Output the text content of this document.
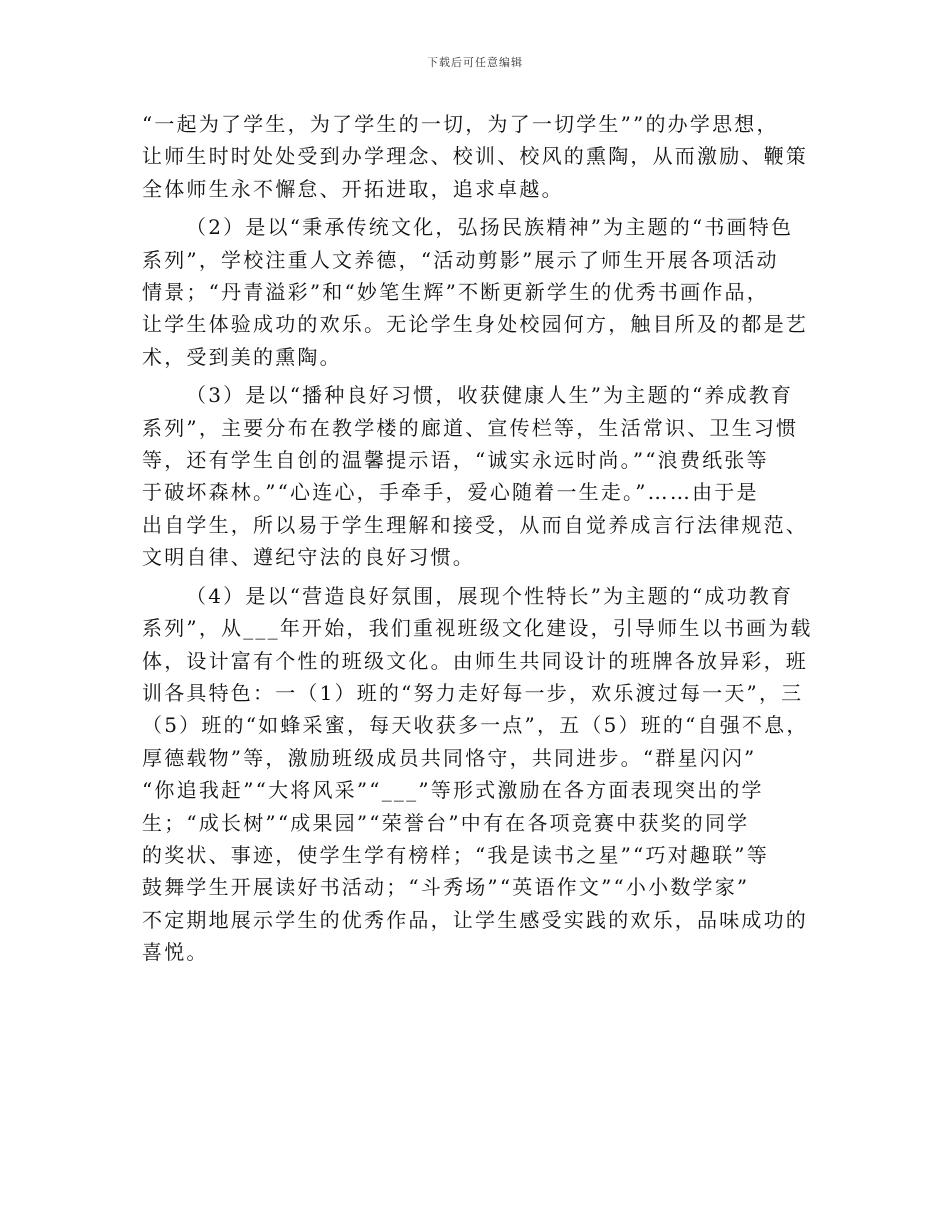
下载后可任意编辑

“一起为了学生，为了学生的一切，为了一切学生””的办学思想，
让师生时时处处受到办学理念、校训、校风的熏陶，从而激励、鞭策
全体师生永不懈怠、开拓进取，追求卓越。

（2）是以“秉承传统文化，弘扬民族精神”为主题的“书画特色
系列”，学校注重人文养德，“活动剪影”展示了师生开展各项活动
情景；“丹青溢彩”和“妙笔生辉”不断更新学生的优秀书画作品，
让学生体验成功的欢乐。无论学生身处校园何方，触目所及的都是艺
术，受到美的熏陶。

（3）是以“播种良好习惯，收获健康人生”为主题的“养成教育
系列”，主要分布在教学楼的廊道、宣传栏等，生活常识、卫生习惯
等，还有学生自创的温馨提示语，“诚实永远时尚。”“浪费纸张等
于破坏森林。”“心连心，手牵手，爱心随着一生走。”……由于是
出自学生，所以易于学生理解和接受，从而自觉养成言行法律规范、
文明自律、遵纪守法的良好习惯。

（4）是以“营造良好氛围，展现个性特长”为主题的“成功教育
系列”，从___年开始，我们重视班级文化建设，引导师生以书画为载
体，设计富有个性的班级文化。由师生共同设计的班牌各放异彩，班
训各具特色：一（1）班的“努力走好每一步，欢乐渡过每一天”，三
（5）班的“如蜂采蜜，每天收获多一点”，五（5）班的“自强不息，
厚德载物”等，激励班级成员共同恪守，共同进步。“群星闪闪”
“你追我赶”“大将风采”“___”等形式激励在各方面表现突出的学
生；“成长树”“成果园”“荣誉台”中有在各项竞赛中获奖的同学
的奖状、事迹，使学生学有榜样；“我是读书之星”“巧对趣联”等
鼓舞学生开展读好书活动；“斗秀场”“英语作文”“小小数学家”
不定期地展示学生的优秀作品，让学生感受实践的欢乐，品味成功的
喜悦。
